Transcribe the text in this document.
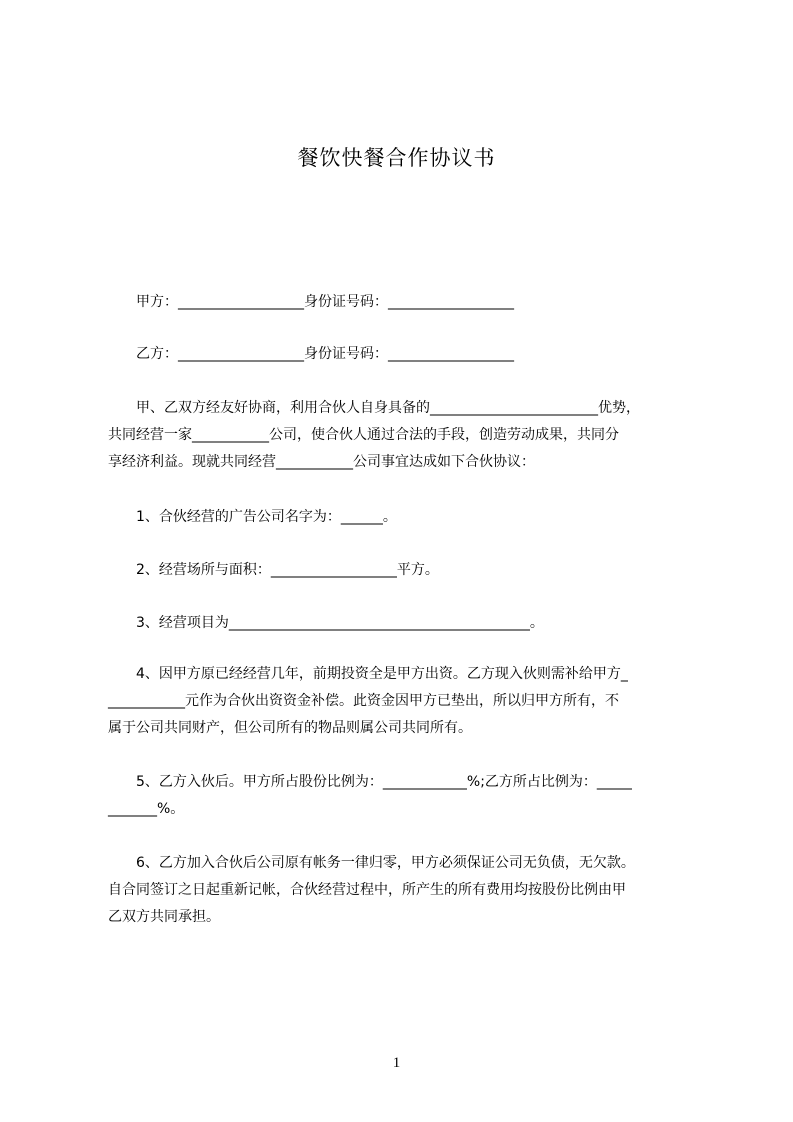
餐饮快餐合作协议书
甲方：__________________身份证号码：__________________
乙方：__________________身份证号码：__________________
甲、乙双方经友好协商，利用合伙人自身具备的________________________优势，
共同经营一家___________公司，使合伙人通过合法的手段，创造劳动成果，共同分
享经济利益。现就共同经营___________公司事宜达成如下合伙协议：
1、合伙经营的广告公司名字为：______。
2、经营场所与面积：__________________平方。
3、经营项目为___________________________________________。
4、因甲方原已经经营几年，前期投资全是甲方出资。乙方现入伙则需补给甲方_
___________元作为合伙出资资金补偿。此资金因甲方已垫出，所以归甲方所有，不
属于公司共同财产，但公司所有的物品则属公司共同所有。
5、乙方入伙后。甲方所占股份比例为：____________%;乙方所占比例为：_____
_______%。
6、乙方加入合伙后公司原有帐务一律归零，甲方必须保证公司无负债，无欠款。
自合同签订之日起重新记帐，合伙经营过程中，所产生的所有费用均按股份比例由甲
乙双方共同承担。
1
